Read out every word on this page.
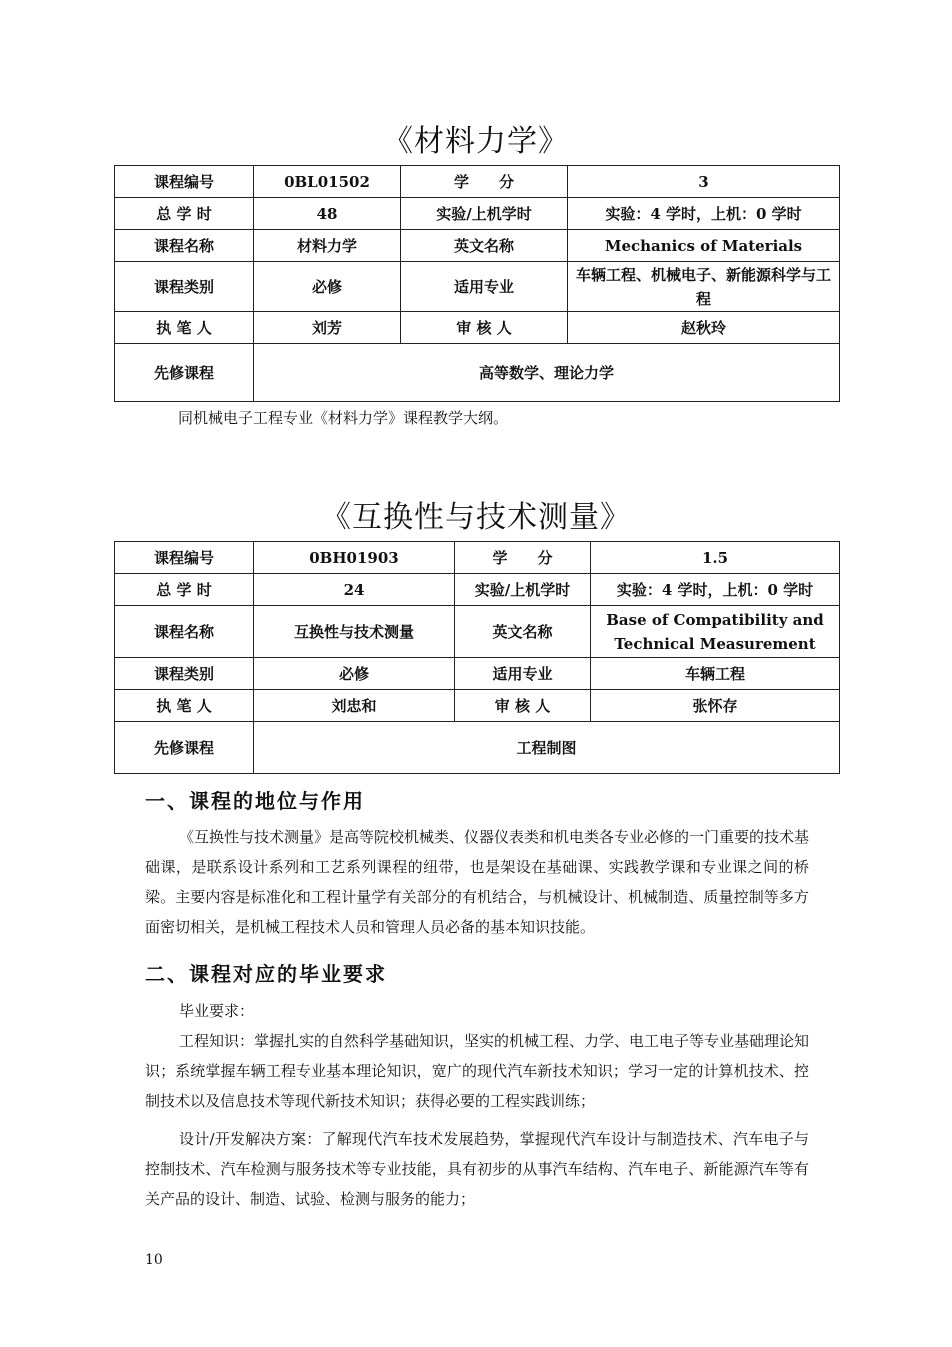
《材料力学》
课程编号	0BL01502	学　　分	3
总 学 时	48	实验/上机学时	实验：4 学时，上机：0 学时
课程名称	材料力学	英文名称	Mechanics of Materials
课程类别	必修	适用专业	车辆工程、机械电子、新能源科学与工程
执 笔 人	刘芳	审 核 人	赵秋玲
先修课程	高等数学、理论力学		
同机械电子工程专业《材料力学》课程教学大纲。
《互换性与技术测量》
课程编号	0BH01903	学　　分	1.5
总 学 时	24	实验/上机学时	实验：4 学时，上机：0 学时
课程名称	互换性与技术测量	英文名称	Base of Compatibility and Technical Measurement
课程类别	必修	适用专业	车辆工程
执 笔 人	刘忠和	审 核 人	张怀存
先修课程	工程制图		
一、课程的地位与作用

《互换性与技术测量》是高等院校机械类、仪器仪表类和机电类各专业必修的一门重要的技术基础课，是联系设计系列和工艺系列课程的纽带，也是架设在基础课、实践教学课和专业课之间的桥梁。主要内容是标准化和工程计量学有关部分的有机结合，与机械设计、机械制造、质量控制等多方面密切相关，是机械工程技术人员和管理人员必备的基本知识技能。

二、课程对应的毕业要求

毕业要求：

工程知识：掌握扎实的自然科学基础知识，坚实的机械工程、力学、电工电子等专业基础理论知识；系统掌握车辆工程专业基本理论知识，宽广的现代汽车新技术知识；学习一定的计算机技术、控制技术以及信息技术等现代新技术知识；获得必要的工程实践训练；

设计/开发解决方案：了解现代汽车技术发展趋势，掌握现代汽车设计与制造技术、汽车电子与控制技术、汽车检测与服务技术等专业技能，具有初步的从事汽车结构、汽车电子、新能源汽车等有关产品的设计、制造、试验、检测与服务的能力；

10
